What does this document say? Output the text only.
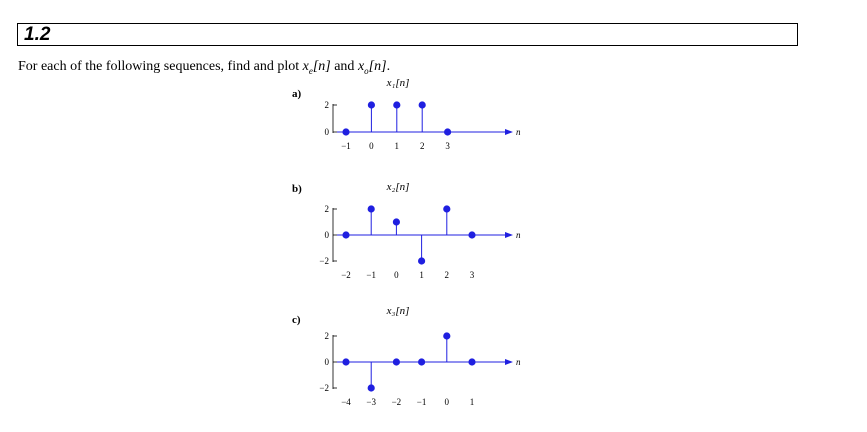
1.2
For each of the following sequences, find and plot $x_e[n]$ and $x_o[n]$.
a)
b)
c)
x₁[n]
0
2
n
−1 0 1 2 3
x₂[n]
2
0
−2
n
−2 −1 0 1 2 3
x₃[n]
2
0
−2
n
−4 −3 −2 −1 0 1
